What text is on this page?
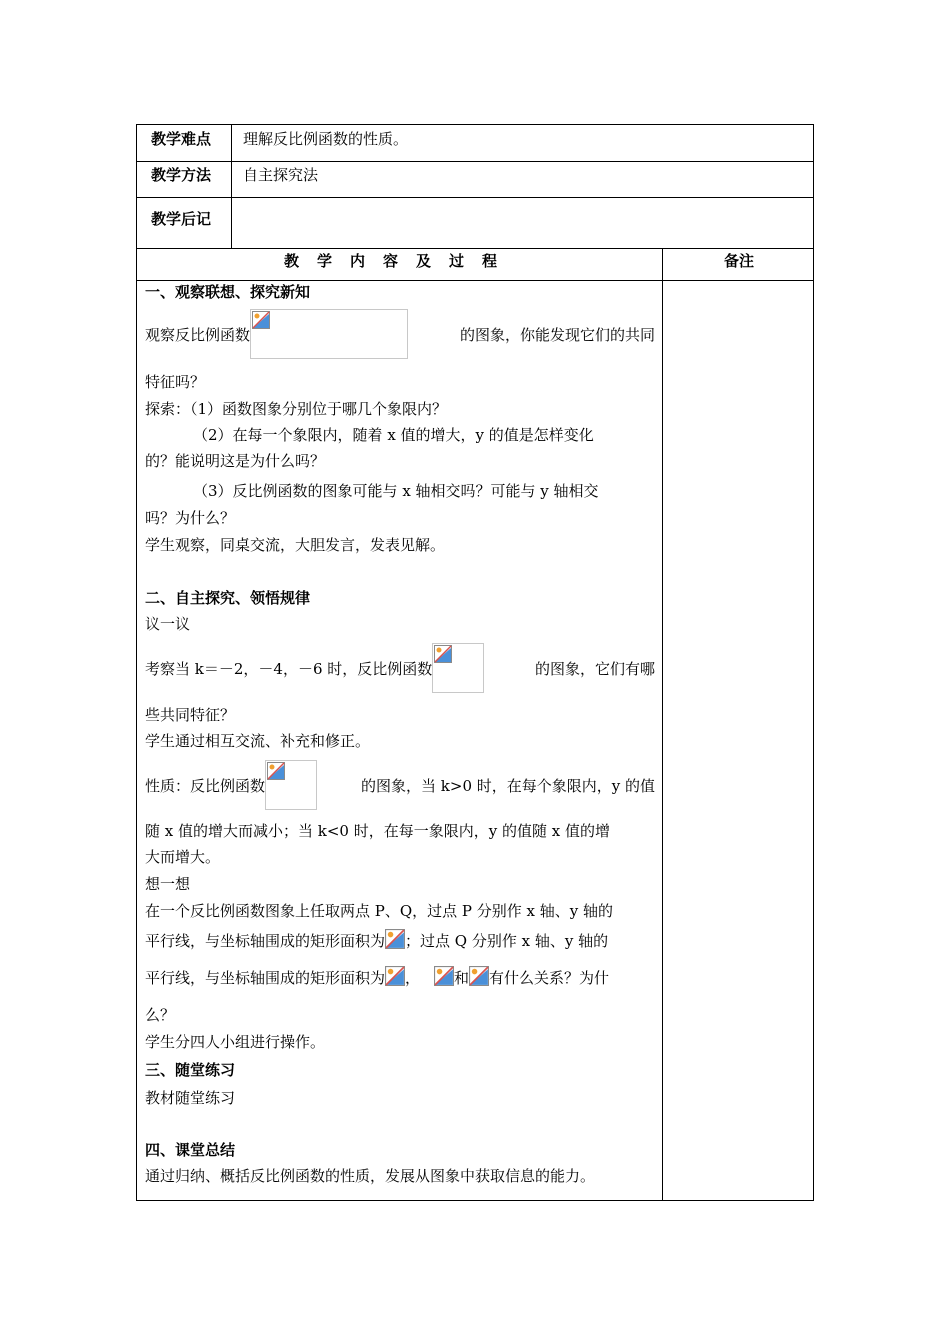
教学难点 理解反比例函数的性质。
教学方法 自主探究法
教学后记
教学内容及过程	备注
一、观察联想、探究新知
观察反比例函数	的图象，你能发现它们的共同
特征吗？
探索：（1）函数图象分别位于哪几个象限内？
（2）在每一个象限内，随着 x 值的增大，y 的值是怎样变化
的？能说明这是为什么吗？
（3）反比例函数的图象可能与 x 轴相交吗？可能与 y 轴相交
吗？为什么？
学生观察，同桌交流，大胆发言，发表见解。
二、自主探究、领悟规律
议一议
考察当 k＝－2，－4，－6 时，反比例函数	的图象，它们有哪
些共同特征？
学生通过相互交流、补充和修正。
性质：反比例函数	的图象，当 k>0 时，在每个象限内，y 的值
随 x 值的增大而减小；当 k<0 时，在每一象限内，y 的值随 x 值的增
大而增大。
想一想
在一个反比例函数图象上任取两点 P、Q，过点 P 分别作 x 轴、y 轴的
平行线，与坐标轴围成的矩形面积为 ；过点 Q 分别作 x 轴、y 轴的
平行线，与坐标轴围成的矩形面积为 ， 和 有什么关系？为什
么？
学生分四人小组进行操作。
三、随堂练习
教材随堂练习
四、课堂总结
通过归纳、概括反比例函数的性质，发展从图象中获取信息的能力。
